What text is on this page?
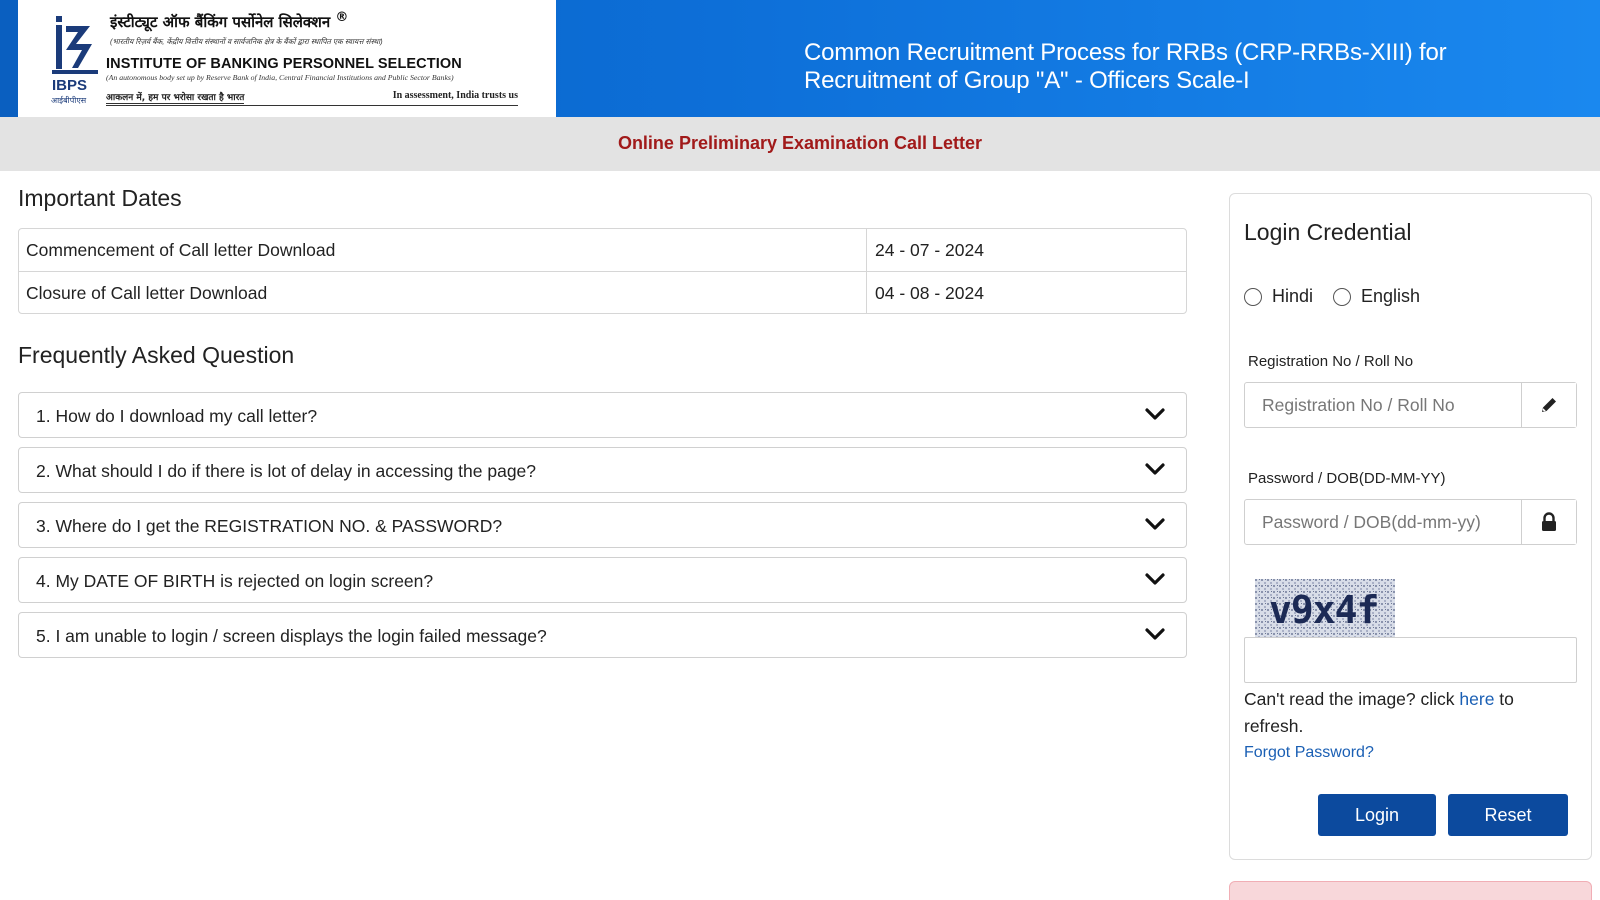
IBPS
आईबीपीएस
इंस्टीट्यूट ऑफ बैंकिंग पर्सोनेल सिलेक्शन ®
(भारतीय रिज़र्व बैंक, केंद्रीय वित्तीय संस्थानों व सार्वजनिक क्षेत्र के बैंकों द्वारा स्थापित एक स्वायत्त संस्था)
INSTITUTE OF BANKING PERSONNEL SELECTION
(An autonomous body set up by Reserve Bank of India, Central Financial Institutions and Public Sector Banks)
आकलन में, हम पर भरोसा रखता है भारत	In assessment, India trusts us
Common Recruitment Process for RRBs (CRP-RRBs-XIII) for
Recruitment of Group "A" - Officers Scale-I
Online Preliminary Examination Call Letter
Important Dates
Commencement of Call letter Download	24 - 07 - 2024
Closure of Call letter Download	04 - 08 - 2024
Frequently Asked Question
1. How do I download my call letter?
2. What should I do if there is lot of delay in accessing the page?
3. Where do I get the REGISTRATION NO. & PASSWORD?
4. My DATE OF BIRTH is rejected on login screen?
5. I am unable to login / screen displays the login failed message?
Login Credential
Hindi	English
Registration No / Roll No
Registration No / Roll No
Password / DOB(DD-MM-YY)
v9x4f
Can't read the image? click here to refresh.
Forgot Password?
Login	Reset
